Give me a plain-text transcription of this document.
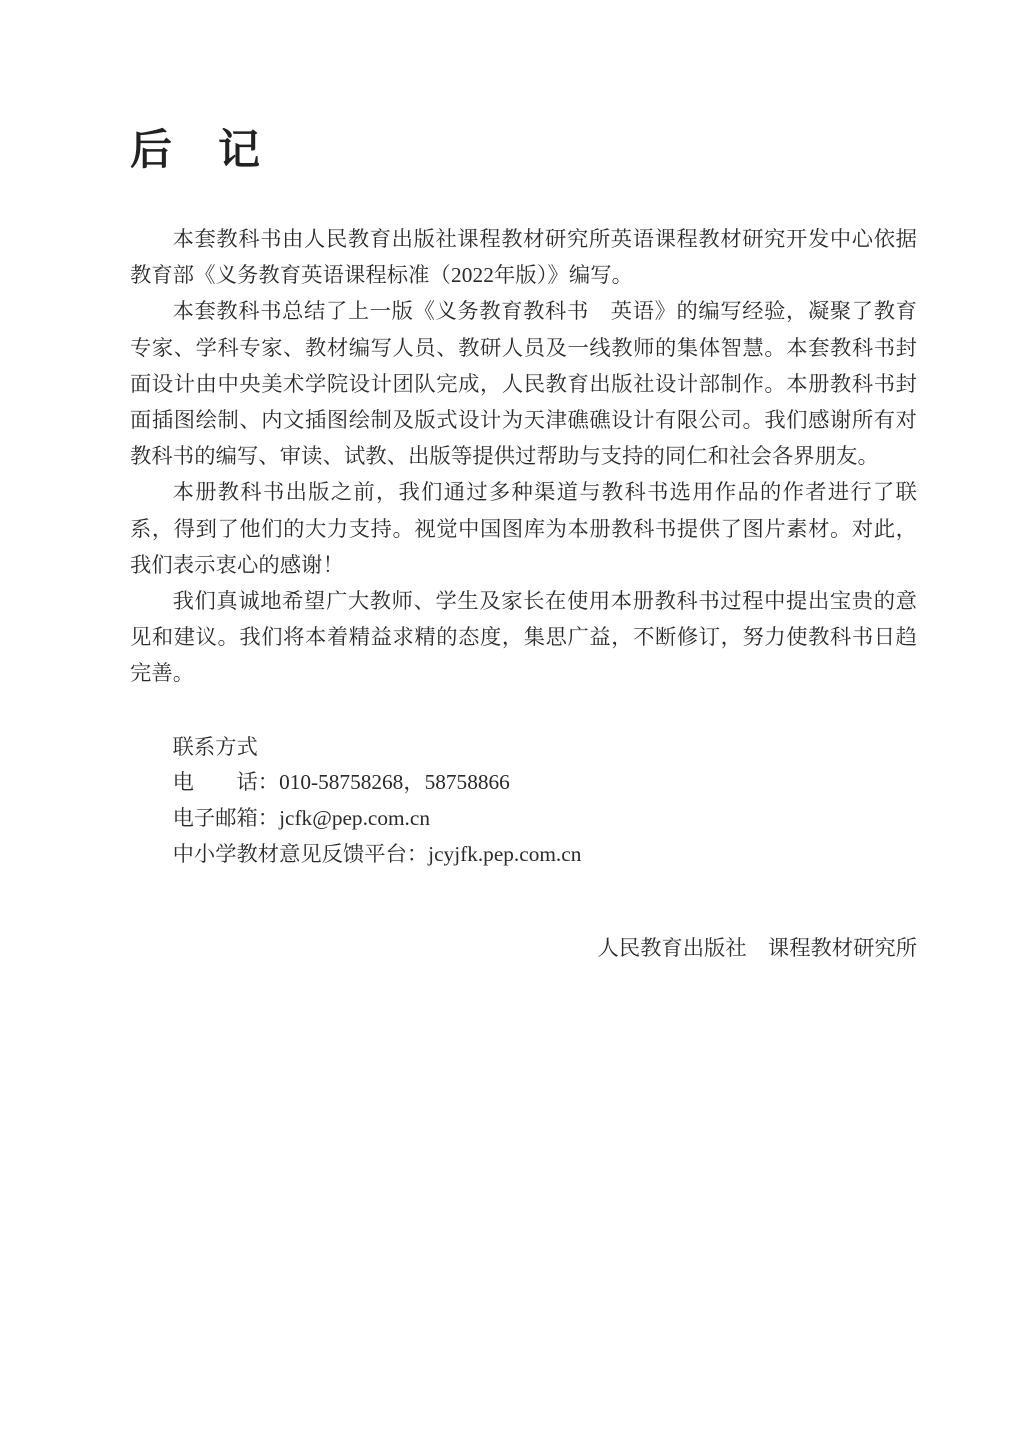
后　记

本套教科书由人民教育出版社课程教材研究所英语课程教材研究开发中心依据教育部《义务教育英语课程标准（2022年版）》编写。

本套教科书总结了上一版《义务教育教科书　英语》的编写经验，凝聚了教育专家、学科专家、教材编写人员、教研人员及一线教师的集体智慧。本套教科书封面设计由中央美术学院设计团队完成，人民教育出版社设计部制作。本册教科书封面插图绘制、内文插图绘制及版式设计为天津礁礁设计有限公司。我们感谢所有对教科书的编写、审读、试教、出版等提供过帮助与支持的同仁和社会各界朋友。

本册教科书出版之前，我们通过多种渠道与教科书选用作品的作者进行了联系，得到了他们的大力支持。视觉中国图库为本册教科书提供了图片素材。对此，我们表示衷心的感谢！

我们真诚地希望广大教师、学生及家长在使用本册教科书过程中提出宝贵的意见和建议。我们将本着精益求精的态度，集思广益，不断修订，努力使教科书日趋完善。

联系方式

电　　话：010-58758268，58758866

电子邮箱：jcfk@pep.com.cn

中小学教材意见反馈平台：jcyjfk.pep.com.cn

人民教育出版社　课程教材研究所
